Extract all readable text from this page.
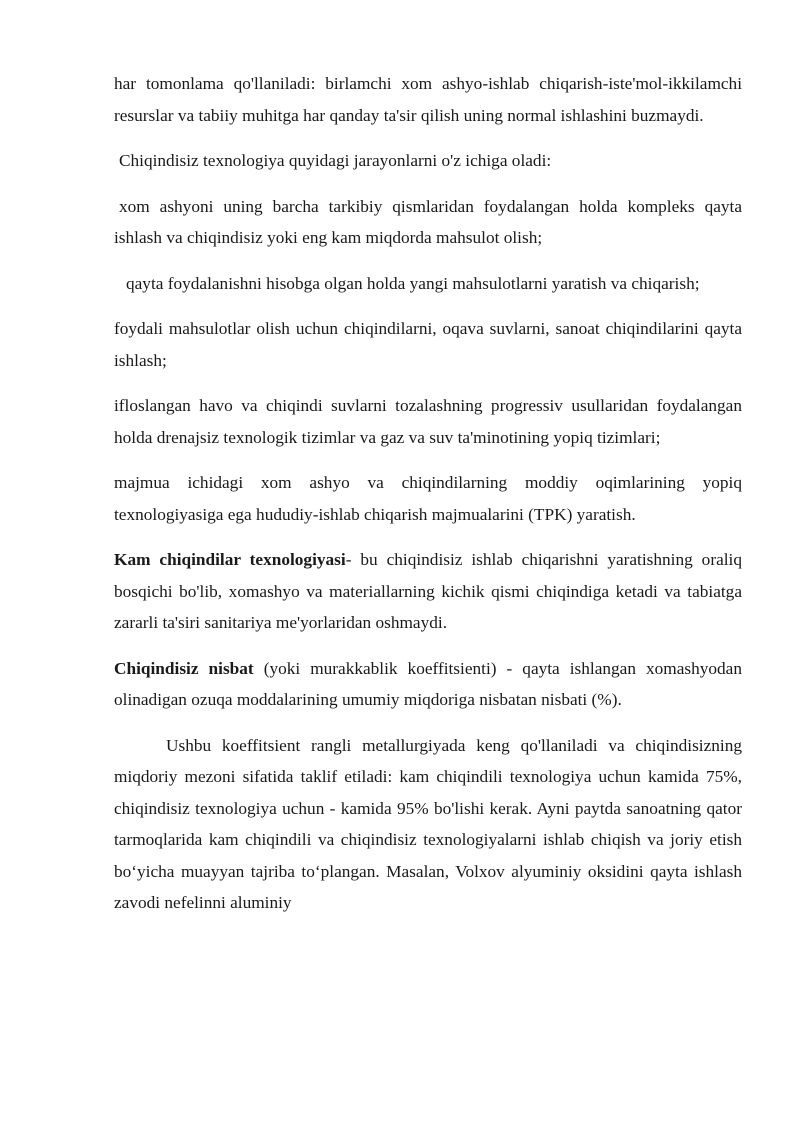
har tomonlama qo'llaniladi: birlamchi xom ashyo-ishlab chiqarish-iste'mol-ikkilamchi resurslar va tabiiy muhitga har qanday ta'sir qilish uning normal ishlashini buzmaydi.

Chiqindisiz texnologiya quyidagi jarayonlarni o'z ichiga oladi:

xom ashyoni uning barcha tarkibiy qismlaridan foydalangan holda kompleks qayta ishlash va chiqindisiz yoki eng kam miqdorda mahsulot olish;

qayta foydalanishni hisobga olgan holda yangi mahsulotlarni yaratish va chiqarish;

foydali mahsulotlar olish uchun chiqindilarni, oqava suvlarni, sanoat chiqindilarini qayta ishlash;

ifloslangan havo va chiqindi suvlarni tozalashning progressiv usullaridan foydalangan holda drenajsiz texnologik tizimlar va gaz va suv ta'minotining yopiq tizimlari;

majmua ichidagi xom ashyo va chiqindilarning moddiy oqimlarining yopiq texnologiyasiga ega hududiy-ishlab chiqarish majmualarini (TPK) yaratish.

Kam chiqindilar texnologiyasi- bu chiqindisiz ishlab chiqarishni yaratishning oraliq bosqichi bo'lib, xomashyo va materiallarning kichik qismi chiqindiga ketadi va tabiatga zararli ta'siri sanitariya me'yorlaridan oshmaydi.

Chiqindisiz nisbat (yoki murakkablik koeffitsienti) - qayta ishlangan xomashyodan olinadigan ozuqa moddalarining umumiy miqdoriga nisbatan nisbati (%).

Ushbu koeffitsient rangli metallurgiyada keng qo'llaniladi va chiqindisizning miqdoriy mezoni sifatida taklif etiladi: kam chiqindili texnologiya uchun kamida 75%, chiqindisiz texnologiya uchun - kamida 95% bo'lishi kerak. Ayni paytda sanoatning qator tarmoqlarida kam chiqindili va chiqindisiz texnologiyalarni ishlab chiqish va joriy etish bo‘yicha muayyan tajriba to‘plangan. Masalan, Volxov alyuminiy oksidini qayta ishlash zavodi nefelinni aluminiy
